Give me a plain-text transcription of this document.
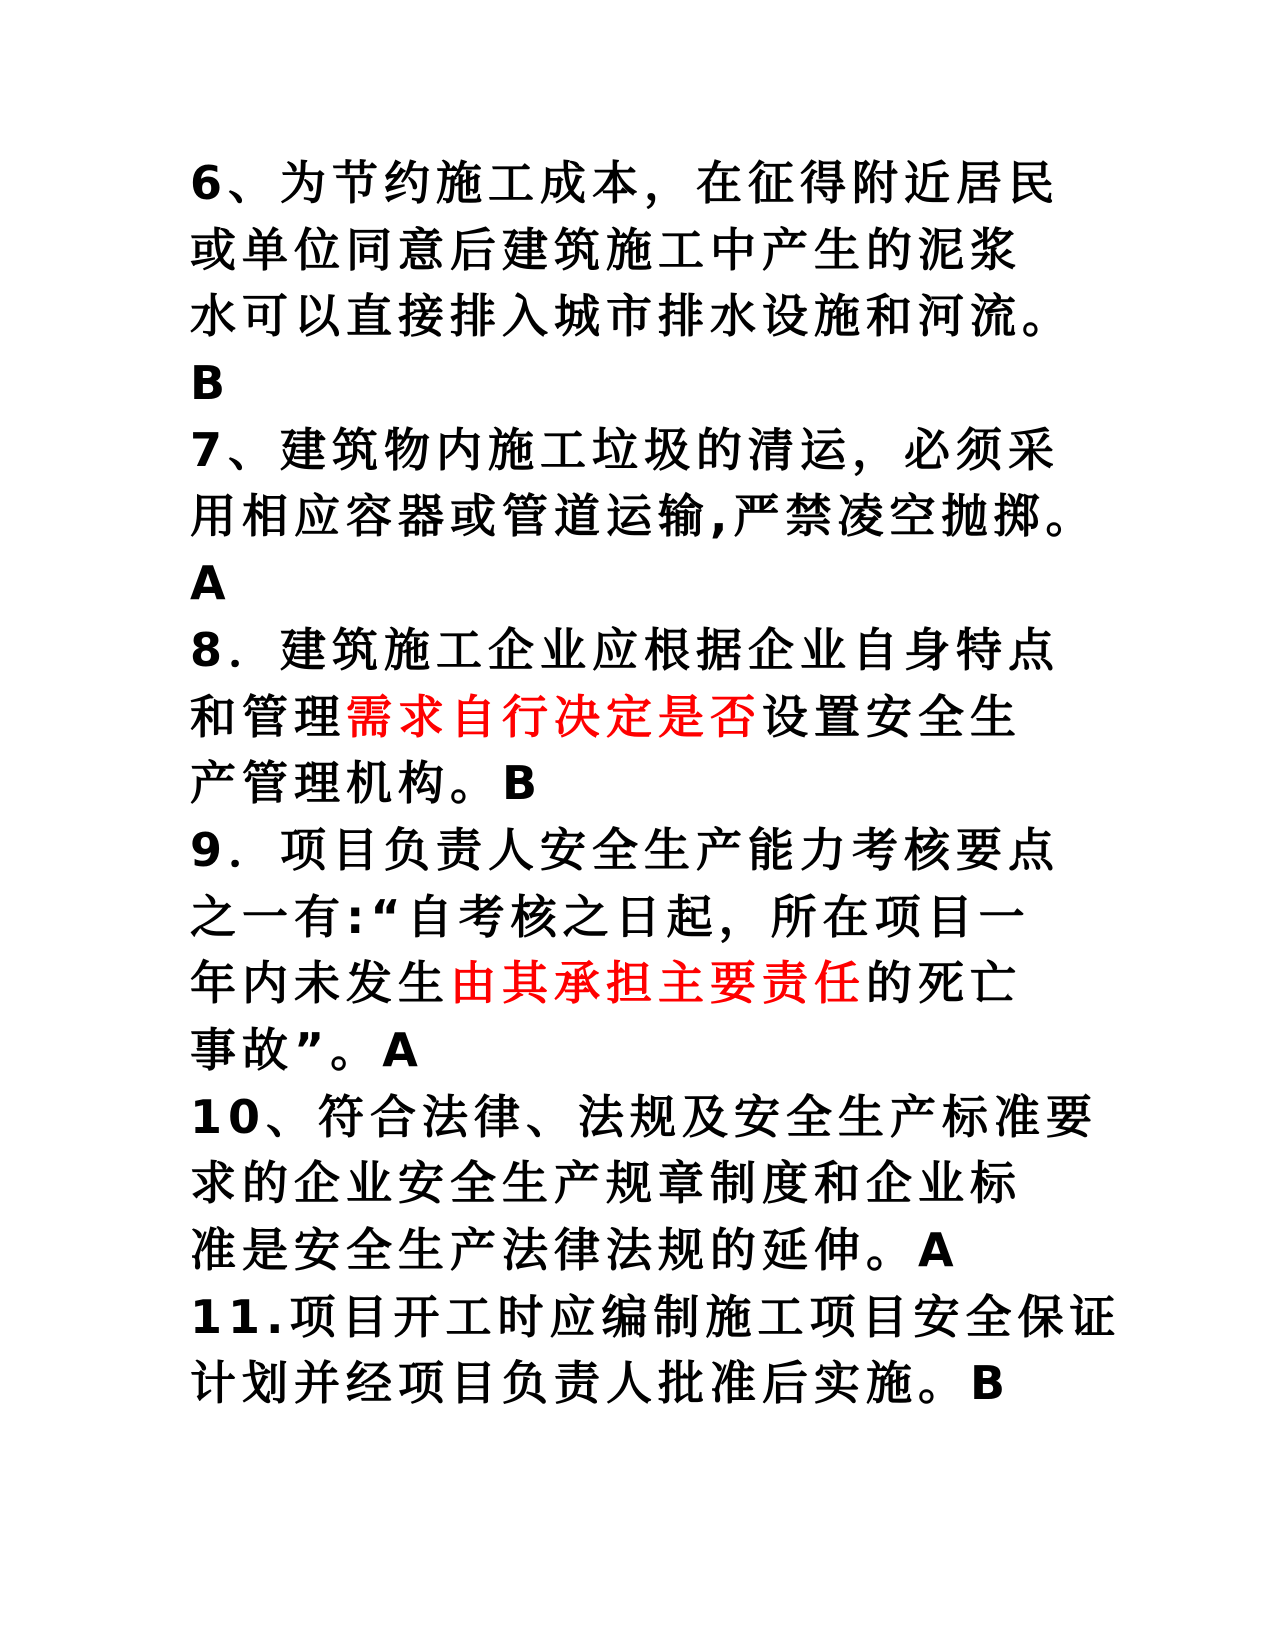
6、为节约施工成本，在征得附近居民
或单位同意后建筑施工中产生的泥浆
水可以直接排入城市排水设施和河流。
B
7、建筑物内施工垃圾的清运，必须采
用相应容器或管道运输,严禁凌空抛掷。
A
8．建筑施工企业应根据企业自身特点
和管理需求自行决定是否设置安全生
产管理机构。B
9．项目负责人安全生产能力考核要点
之一有:“自考核之日起，所在项目一
年内未发生由其承担主要责任的死亡
事故”。A
10、符合法律、法规及安全生产标准要
求的企业安全生产规章制度和企业标
准是安全生产法律法规的延伸。A
11.项目开工时应编制施工项目安全保证
计划并经项目负责人批准后实施。B
